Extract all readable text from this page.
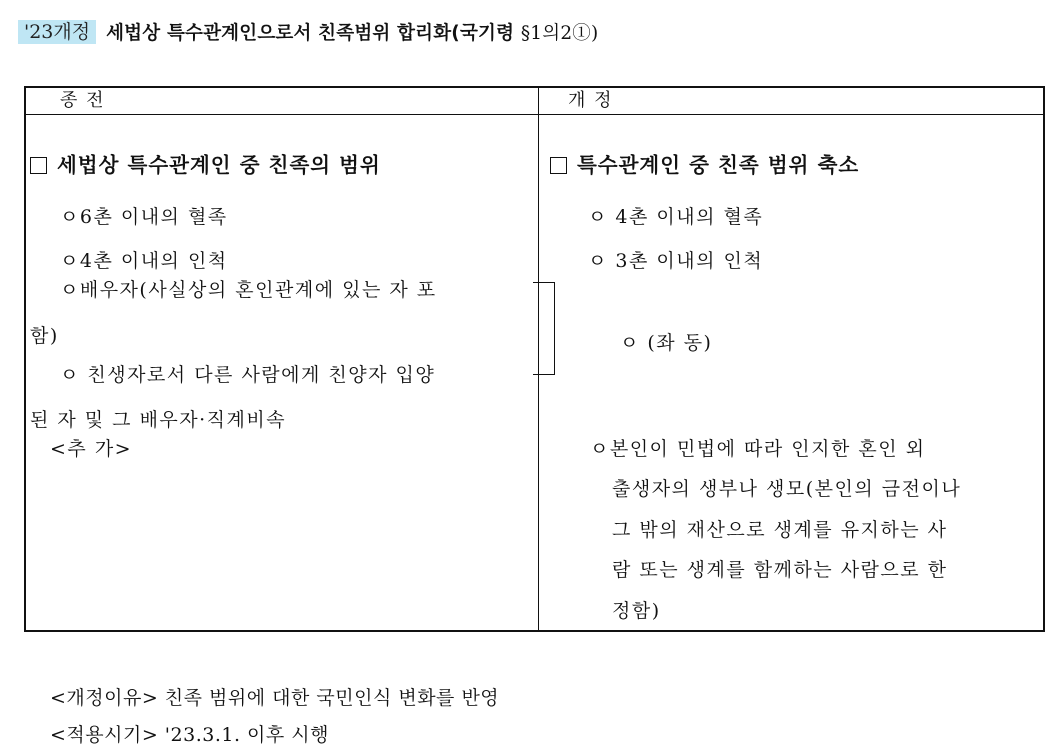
'23개정 세법상 특수관계인으로서 친족범위 합리화(국기령 §1의2①)
종 전	개 정
세법상 특수관계인 중 친족의 범위
ㅇ6촌 이내의 혈족
ㅇ4촌 이내의 인척
ㅇ배우자(사실상의 혼인관계에 있는 자 포
함)
ㅇ 친생자로서 다른 사람에게 친양자 입양
된 자 및 그 배우자·직계비속
<추 가>
특수관계인 중 친족 범위 축소
ㅇ 4촌 이내의 혈족
ㅇ 3촌 이내의 인척
ㅇ (좌 동)
ㅇ본인이 민법에 따라 인지한 혼인 외
출생자의 생부나 생모(본인의 금전이나
그 밖의 재산으로 생계를 유지하는 사
람 또는 생계를 함께하는 사람으로 한
정함)
<개정이유> 친족 범위에 대한 국민인식 변화를 반영
<적용시기> '23.3.1. 이후 시행
